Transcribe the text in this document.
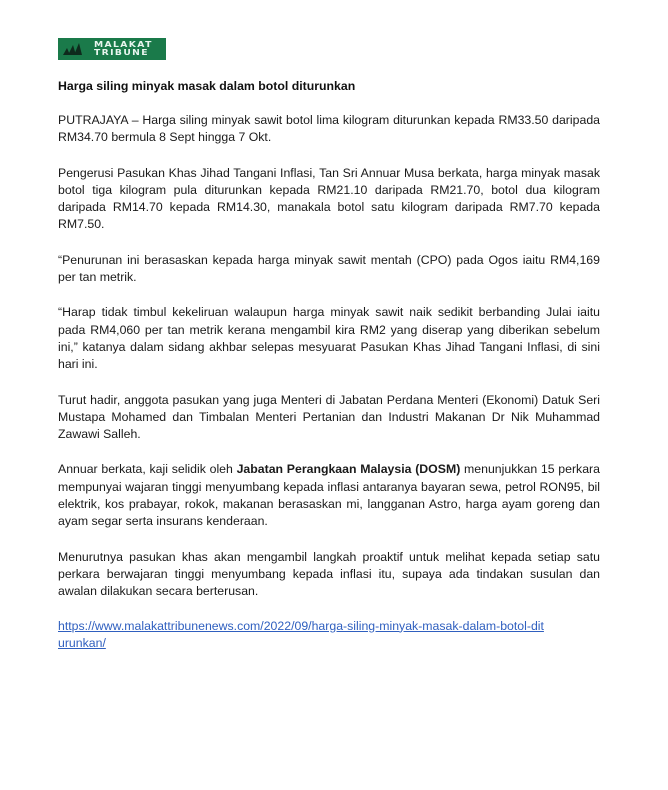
MALAKAT
TRIBUNE
Harga siling minyak masak dalam botol diturunkan

PUTRAJAYA – Harga siling minyak sawit botol lima kilogram diturunkan kepada RM33.50 daripada RM34.70 bermula 8 Sept hingga 7 Okt.

Pengerusi Pasukan Khas Jihad Tangani Inflasi, Tan Sri Annuar Musa berkata, harga minyak masak botol tiga kilogram pula diturunkan kepada RM21.10 daripada RM21.70, botol dua kilogram daripada RM14.70 kepada RM14.30, manakala botol satu kilogram daripada RM7.70 kepada RM7.50.

“Penurunan ini berasaskan kepada harga minyak sawit mentah (CPO) pada Ogos iaitu RM4,169 per tan metrik.

“Harap tidak timbul kekeliruan walaupun harga minyak sawit naik sedikit berbanding Julai iaitu pada RM4,060 per tan metrik kerana mengambil kira RM2 yang diserap yang diberikan sebelum ini,” katanya dalam sidang akhbar selepas mesyuarat Pasukan Khas Jihad Tangani Inflasi, di sini hari ini.

Turut hadir, anggota pasukan yang juga Menteri di Jabatan Perdana Menteri (Ekonomi) Datuk Seri Mustapa Mohamed dan Timbalan Menteri Pertanian dan Industri Makanan Dr Nik Muhammad Zawawi Salleh.

Annuar berkata, kaji selidik oleh Jabatan Perangkaan Malaysia (DOSM) menunjukkan 15 perkara mempunyai wajaran tinggi menyumbang kepada inflasi antaranya bayaran sewa, petrol RON95, bil elektrik, kos prabayar, rokok, makanan berasaskan mi, langganan Astro, harga ayam goreng dan ayam segar serta insurans kenderaan.

Menurutnya pasukan khas akan mengambil langkah proaktif untuk melihat kepada setiap satu perkara berwajaran tinggi menyumbang kepada inflasi itu, supaya ada tindakan susulan dan awalan dilakukan secara berterusan.

https://www.malakattribunenews.com/2022/09/harga-siling-minyak-masak-dalam-botol-diturunkan/
